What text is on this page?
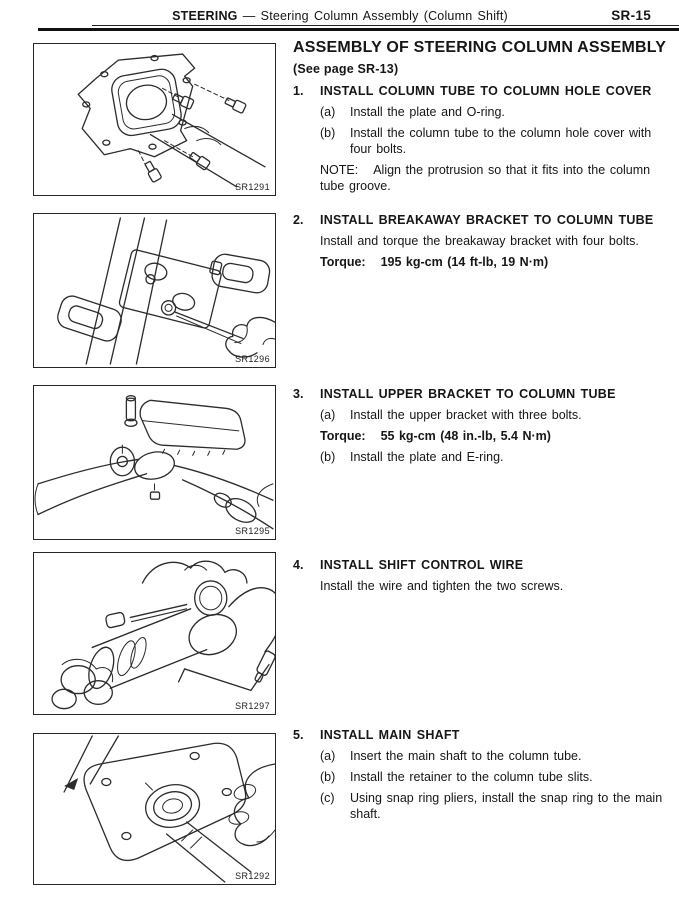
STEERING — Steering Column Assembly (Column Shift)	SR-15
SR1291
SR1296
SR1295
SR1297
SR1292
ASSEMBLY OF STEERING COLUMN ASSEMBLY
(See page SR-13)
1.	INSTALL COLUMN TUBE TO COLUMN HOLE COVER
(a)	Install the plate and O-ring.
(b)	Install the column tube to the column hole cover with four bolts.

NOTE: Align the protrusion so that it fits into the column tube groove.

2.	INSTALL BREAKAWAY BRACKET TO COLUMN TUBE

Install and torque the breakaway bracket with four bolts.

Torque: 195 kg-cm (14 ft-lb, 19 N·m)

3.	INSTALL UPPER BRACKET TO COLUMN TUBE
(a)	Install the upper bracket with three bolts.

Torque: 55 kg-cm (48 in.-lb, 5.4 N·m)

(b)	Install the plate and E-ring.
4.	INSTALL SHIFT CONTROL WIRE

Install the wire and tighten the two screws.

5.	INSTALL MAIN SHAFT
(a)	Insert the main shaft to the column tube.
(b)	Install the retainer to the column tube slits.
(c)	Using snap ring pliers, install the snap ring to the main shaft.
